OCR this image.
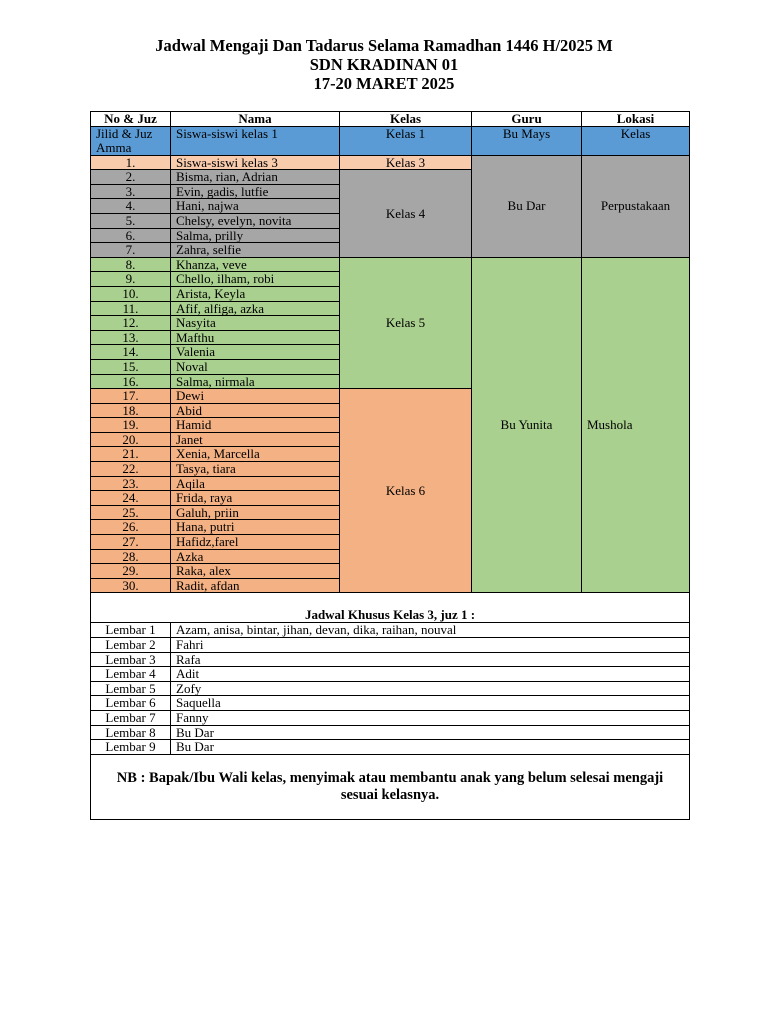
Jadwal Mengaji Dan Tadarus Selama Ramadhan 1446 H/2025 M
SDN KRADINAN 01
17-20 MARET 2025
No & Juz	Nama	Kelas	Guru	Lokasi
Jilid & Juz Amma	Siswa-siswi kelas 1	Kelas 1	Bu Mays	Kelas
1.	Siswa-siswi kelas 3	Kelas 3	Bu Dar	Perpustakaan
2.	Bisma, rian, Adrian	Kelas 4		
3.	Evin, gadis, lutfie			
4.	Hani, najwa			
5.	Chelsy, evelyn, novita			
6.	Salma, prilly			
7.	Zahra, selfie			
8.	Khanza, veve	Kelas 5	Bu Yunita	Mushola
9.	Chello, ilham, robi			
10.	Arista, Keyla			
11.	Afif, alfiga, azka			
12.	Nasyita			
13.	Mafthu			
14.	Valenia			
15.	Noval			
16.	Salma, nirmala			
17.	Dewi	Kelas 6		
18.	Abid			
19.	Hamid			
20.	Janet			
21.	Xenia, Marcella			
22.	Tasya, tiara			
23.	Aqila			
24.	Frida, raya			
25.	Galuh, priin			
26.	Hana, putri			
27.	Hafidz,farel			
28.	Azka			
29.	Raka, alex			
30.	Radit, afdan			
Jadwal Khusus Kelas 3, juz 1 :				
Lembar 1	Azam, anisa, bintar, jihan, devan, dika, raihan, nouval			
Lembar 2	Fahri			
Lembar 3	Rafa			
Lembar 4	Adit			
Lembar 5	Zofy			
Lembar 6	Saquella			
Lembar 7	Fanny			
Lembar 8	Bu Dar			
Lembar 9	Bu Dar			
NB : Bapak/Ibu Wali kelas, menyimak atau membantu anak yang belum selesai mengaji sesuai kelasnya.				
